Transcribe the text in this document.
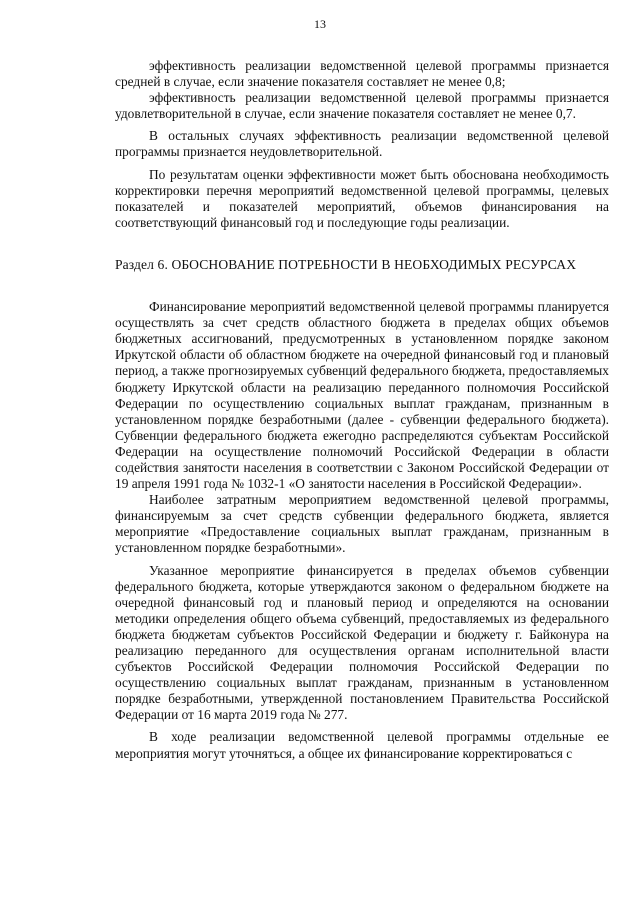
13

эффективность реализации ведомственной целевой программы признается средней в случае, если значение показателя составляет не менее 0,8;

эффективность реализации ведомственной целевой программы признается удовлетворительной в случае, если значение показателя составляет не менее 0,7.

В остальных случаях эффективность реализации ведомственной целевой программы признается неудовлетворительной.

По результатам оценки эффективности может быть обоснована необходимость корректировки перечня мероприятий ведомственной целевой программы, целевых показателей и показателей мероприятий, объемов финансирования на соответствующий финансовый год и последующие годы реализации.

Раздел 6. ОБОСНОВАНИЕ ПОТРЕБНОСТИ В НЕОБХОДИМЫХ РЕСУРСАХ

Финансирование мероприятий ведомственной целевой программы планируется осуществлять за счет средств областного бюджета в пределах общих объемов бюджетных ассигнований, предусмотренных в установленном порядке законом Иркутской области об областном бюджете на очередной финансовый год и плановый период, а также прогнозируемых субвенций федерального бюджета, предоставляемых бюджету Иркутской области на реализацию переданного полномочия Российской Федерации по осуществлению социальных выплат гражданам, признанным в установленном порядке безработными (далее - субвенции федерального бюджета). Субвенции федерального бюджета ежегодно распределяются субъектам Российской Федерации на осуществление полномочий Российской Федерации в области содействия занятости населения в соответствии с Законом Российской Федерации от 19 апреля 1991 года № 1032-1 «О занятости населения в Российской Федерации».

Наиболее затратным мероприятием ведомственной целевой программы, финансируемым за счет средств субвенции федерального бюджета, является мероприятие «Предоставление социальных выплат гражданам, признанным в установленном порядке безработными».

Указанное мероприятие финансируется в пределах объемов субвенции федерального бюджета, которые утверждаются законом о федеральном бюджете на очередной финансовый год и плановый период и определяются на основании методики определения общего объема субвенций, предоставляемых из федерального бюджета бюджетам субъектов Российской Федерации и бюджету г. Байконура на реализацию переданного для осуществления органам исполнительной власти субъектов Российской Федерации полномочия Российской Федерации по осуществлению социальных выплат гражданам, признанным в установленном порядке безработными, утвержденной постановлением Правительства Российской Федерации от 16 марта 2019 года № 277.

В ходе реализации ведомственной целевой программы отдельные ее мероприятия могут уточняться, а общее их финансирование корректироваться с
